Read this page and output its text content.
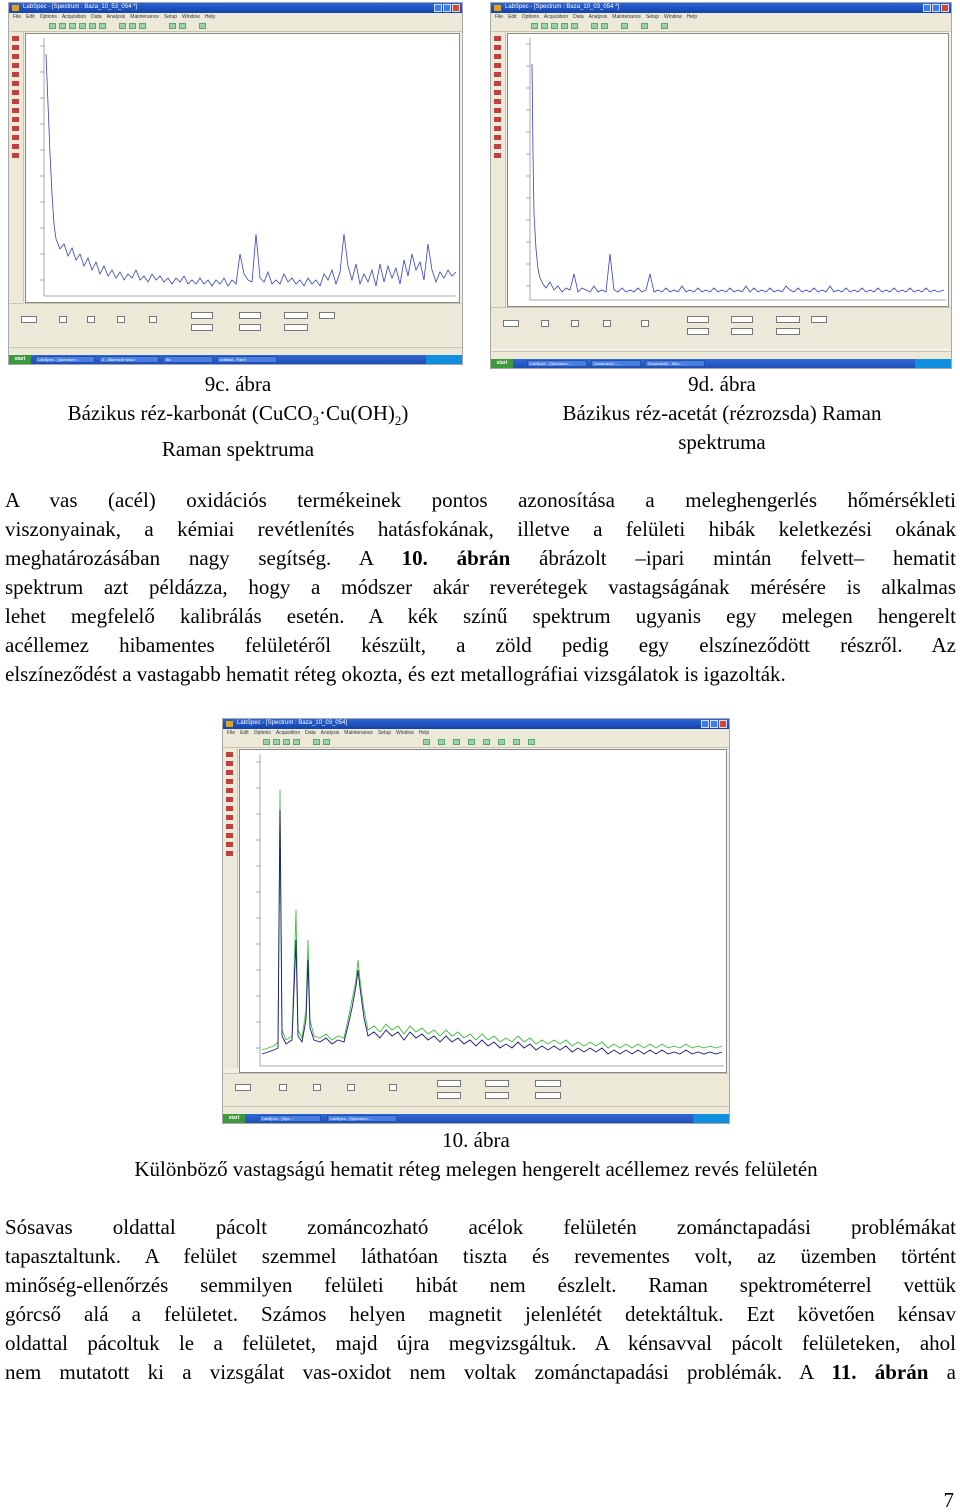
LabSpec - [Spectrum : Baza_10_53_054 *]
File Edit Options Acquisition Data Analysis Maintenance Setup Window Help
start	LabSpec - [Spectrum...	2 - Microsoft Word	9d	untitled - Paint
LabSpec - [Spectrum : Baza_10_03_054 *]
File Edit Options Acquisition Data Analysis Maintenance Setup Window Help
start	LabSpec - [Spectrum...	Document1 - ...	Document4 - Micr...
9c. ábra
Bázikus réz-karbonát $(CuCO_3\cdot Cu(OH)_2)$
Raman spektruma
9d. ábra
Bázikus réz-acetát (rézrozsda) Raman
spektruma
A vas (acél) oxidációs termékeinek pontos azonosítása a meleghengerlés hőmérsékleti
viszonyainak, a kémiai revétlenítés hatásfokának, illetve a felületi hibák keletkezési okának
meghatározásában nagy segítség. A 10. ábrán ábrázolt –ipari mintán felvett– hematit
spektrum azt példázza, hogy a módszer akár reverétegek vastagságának mérésére is alkalmas
lehet megfelelő kalibrálás esetén. A kék színű spektrum ugyanis egy melegen hengerelt
acéllemez hibamentes felületéről készült, a zöld pedig egy elszíneződött részről. Az
elszíneződést a vastagabb hematit réteg okozta, és ezt metallográfiai vizsgálatok is igazolták.
LabSpec - [Spectrum : Baza_10_03_054]
File Edit Options Acquisition Data Analysis Maintenance Setup Window Help
start	LabSpec - [Spe...	LabSpec - [Spectrum...
10. ábra
Különböző vastagságú hematit réteg melegen hengerelt acéllemez revés felületén
Sósavas oldattal pácolt zománcozható acélok felületén zománctapadási problémákat
tapasztaltunk. A felület szemmel láthatóan tiszta és revementes volt, az üzemben történt
minőség-ellenőrzés semmilyen felületi hibát nem észlelt. Raman spektrométerrel vettük
górcső alá a felületet. Számos helyen magnetit jelenlétét detektáltuk. Ezt követően kénsav
oldattal pácoltuk le a felületet, majd újra megvizsgáltuk. A kénsavval pácolt felületeken, ahol
nem mutatott ki a vizsgálat vas-oxidot nem voltak zománctapadási problémák. A 11. ábrán a
7
